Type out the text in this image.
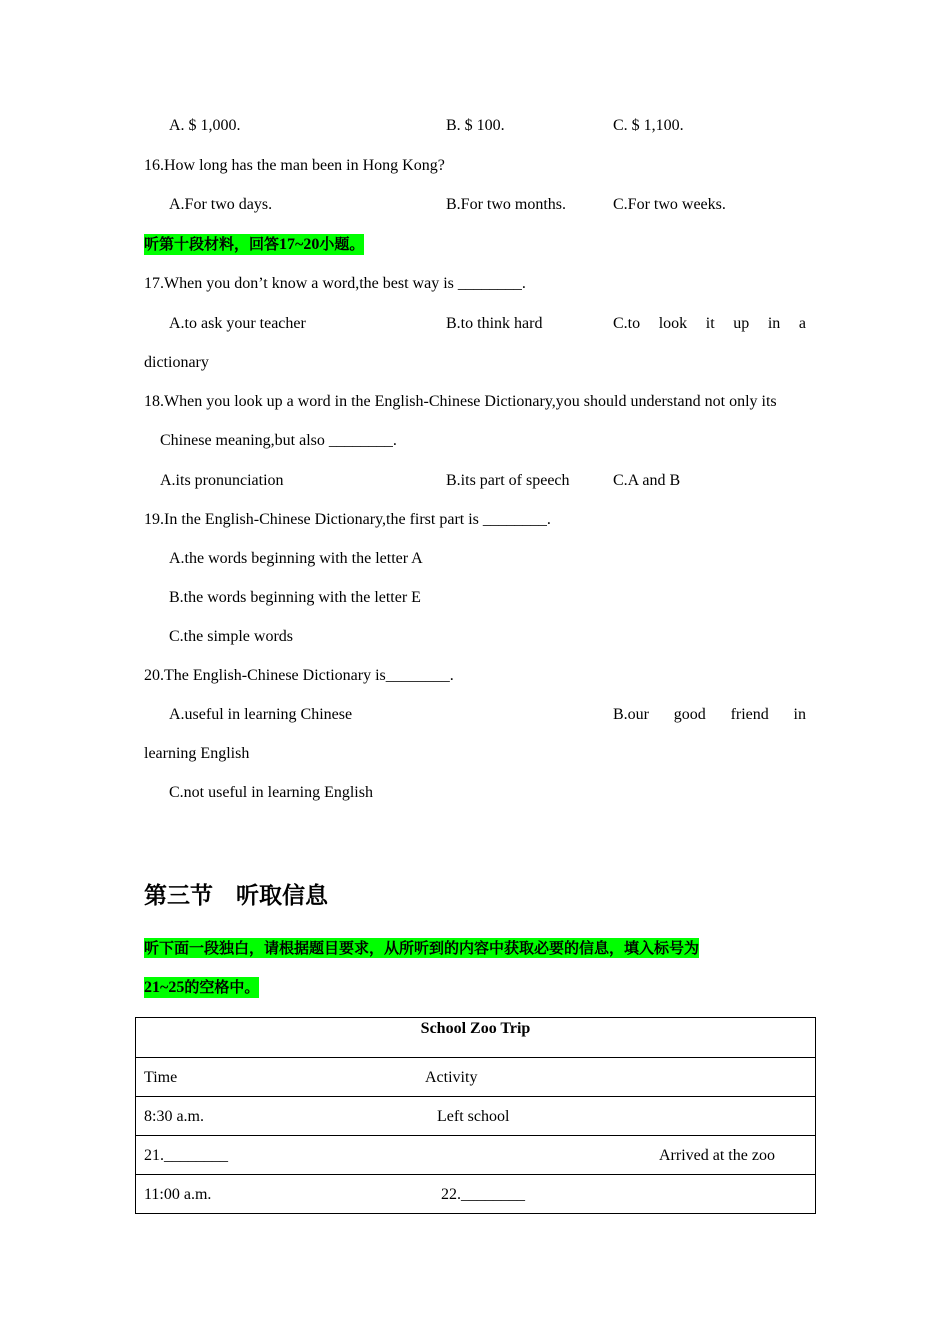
A. $ 1,000.	B. $ 100.	C. $ 1,100.
16.How long has the man been in Hong Kong?
A.For two days.	B.For two months.	C.For two weeks.
听第十段材料，回答17~20小题。
17.When you don’t know a word,the best way is ________.
A.to ask your teacher	B.to think hard	C.to look it up in a
dictionary
18.When you look up a word in the English-Chinese Dictionary,you should understand not only its
Chinese meaning,but also ________.
A.its pronunciation	B.its part of speech	C.A and B
19.In the English-Chinese Dictionary,the first part is ________.
A.the words beginning with the letter A
B.the words beginning with the letter E
C.the simple words
20.The English-Chinese Dictionary is________.
A.useful in learning Chinese	B.our good friend in
learning English
C.not useful in learning English
第三节　听取信息
听下面一段独白，请根据题目要求，从所听到的内容中获取必要的信息，填入标号为
21~25的空格中。
School Zoo Trip
Time	Activity
8:30 a.m.	Left school
21.________	Arrived at the zoo
11:00 a.m.	22.________
